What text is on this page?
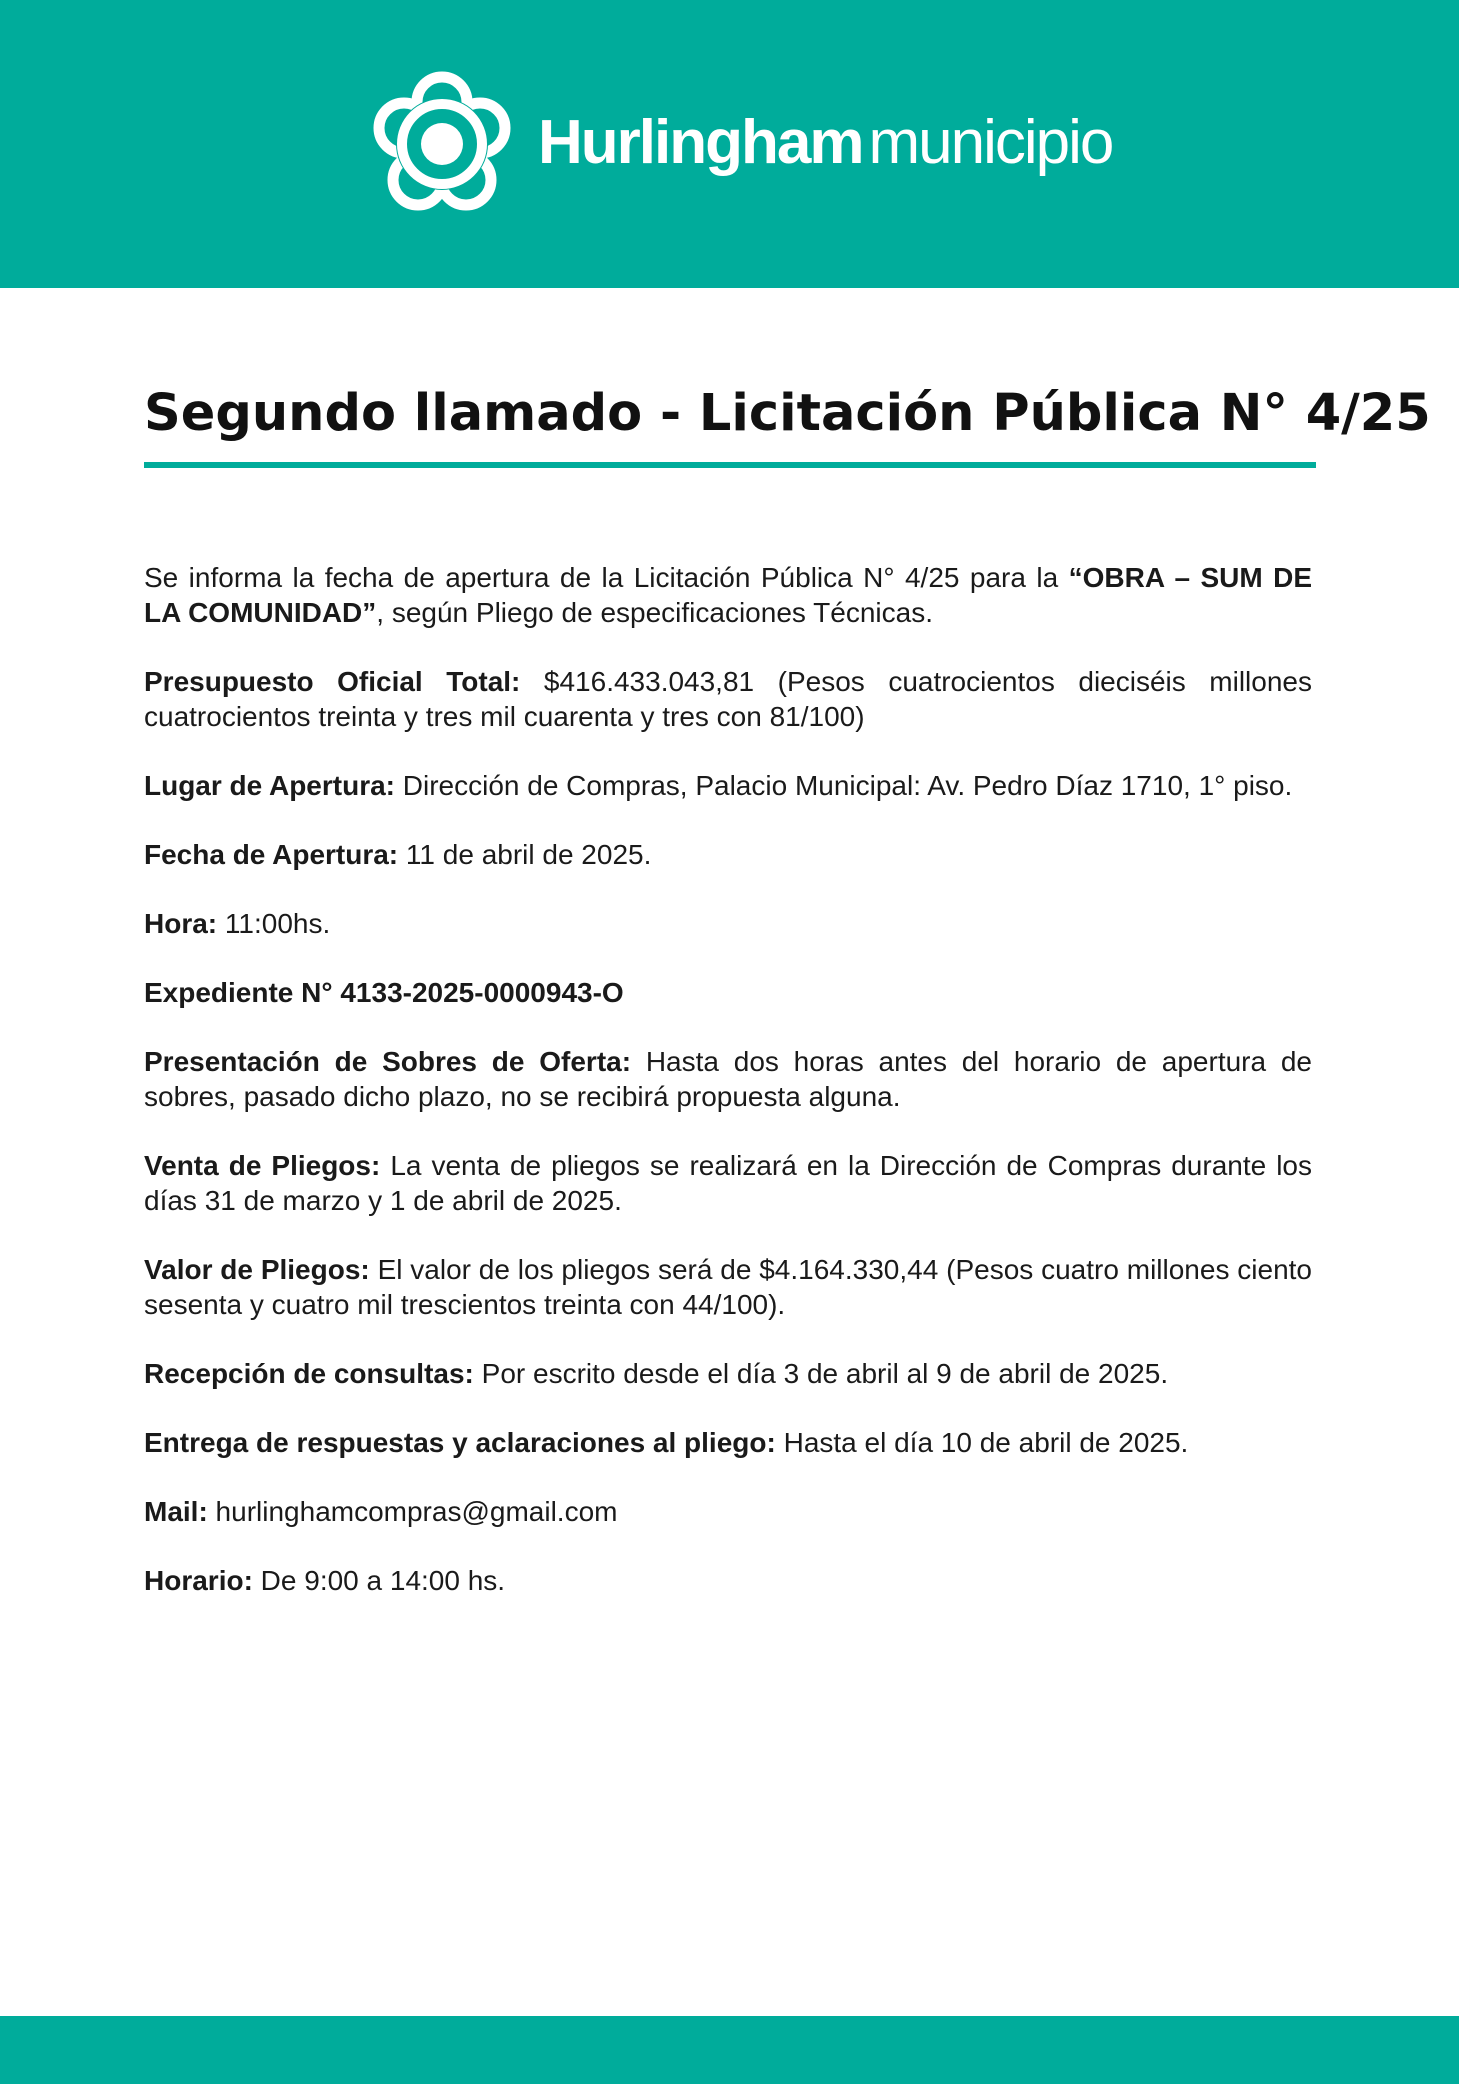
Hurlinghammunicipio
Segundo llamado - Licitación Pública N° 4/25

Se informa la fecha de apertura de la Licitación Pública N° 4/25 para la “OBRA – SUM DE LA COMUNIDAD”, según Pliego de especificaciones Técnicas.

Presupuesto Oficial Total: $416.433.043,81 (Pesos cuatrocientos dieciséis millones cuatrocientos treinta y tres mil cuarenta y tres con 81/100)

Lugar de Apertura: Dirección de Compras, Palacio Municipal: Av. Pedro Díaz 1710, 1° piso.

Fecha de Apertura: 11 de abril de 2025.

Hora: 11:00hs.

Expediente N° 4133-2025-0000943-O

Presentación de Sobres de Oferta: Hasta dos horas antes del horario de apertura de sobres, pasado dicho plazo, no se recibirá propuesta alguna.

Venta de Pliegos: La venta de pliegos se realizará en la Dirección de Compras durante los días 31 de marzo y 1 de abril de 2025.

Valor de Pliegos: El valor de los pliegos será de $4.164.330,44 (Pesos cuatro millones ciento sesenta y cuatro mil trescientos treinta con 44/100).

Recepción de consultas: Por escrito desde el día 3 de abril al 9 de abril de 2025.

Entrega de respuestas y aclaraciones al pliego: Hasta el día 10 de abril de 2025.

Mail: hurlinghamcompras@gmail.com

Horario: De 9:00 a 14:00 hs.
